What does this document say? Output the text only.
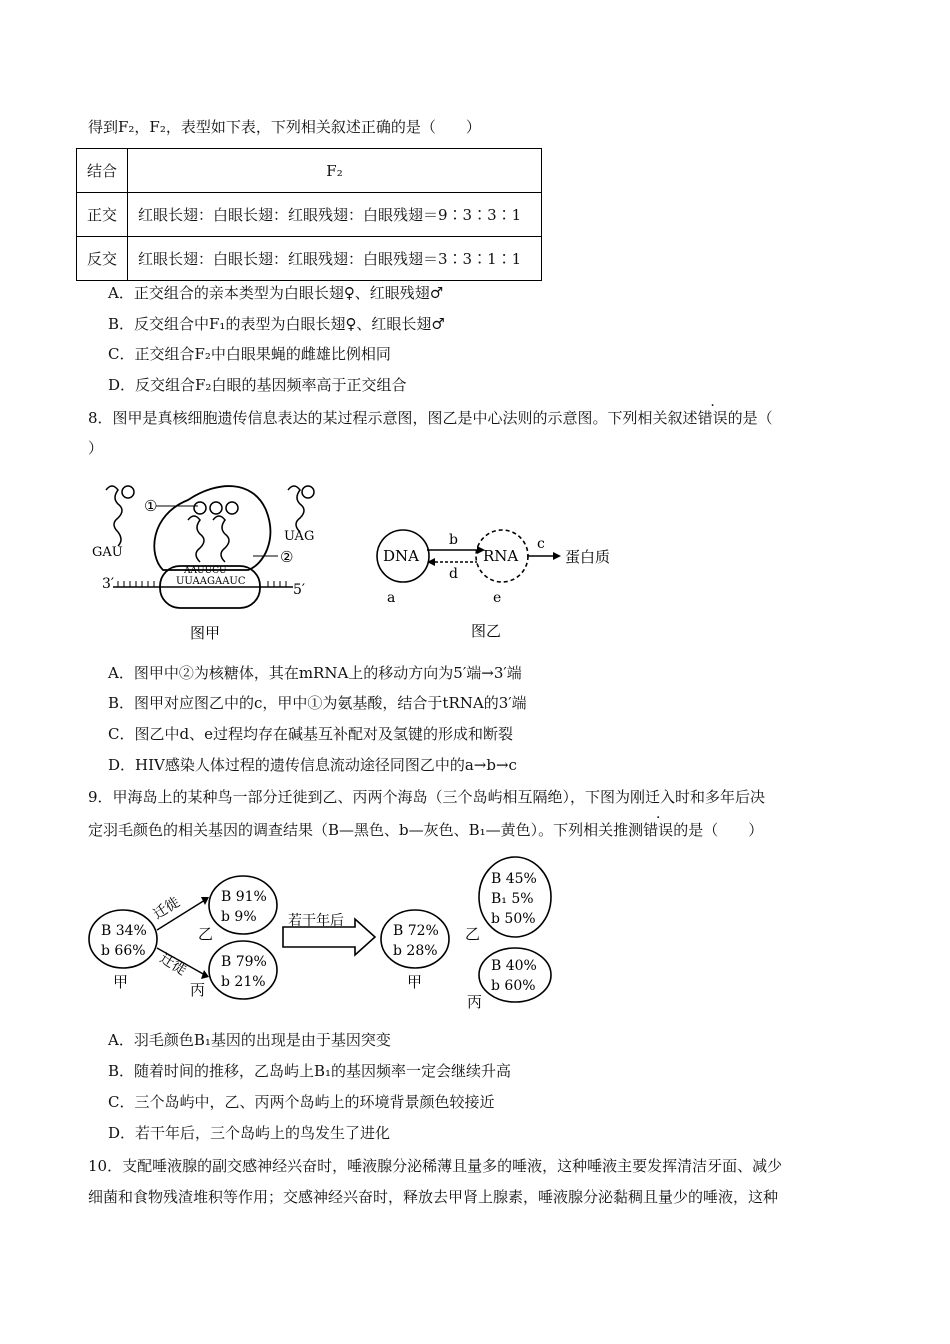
得到F₂，F₂，表型如下表，下列相关叙述正确的是（　　）
结合	F₂
正交	红眼长翅：白眼长翅：红眼残翅：白眼残翅＝9∶3∶3∶1
反交	红眼长翅：白眼长翅：红眼残翅：白眼残翅＝3∶3∶1∶1
A．正交组合的亲本类型为白眼长翅♀、红眼残翅♂
B．反交组合中F₁的表型为白眼长翅♀、红眼长翅♂
C．正交组合F₂中白眼果蝇的雌雄比例相同
D．反交组合F₂白眼的基因频率高于正交组合
8．图甲是真核细胞遗传信息表达的某过程示意图，图乙是中心法则的示意图。下列相关叙述错误的是（
）
①
②
GAU
UAG
AAUUCU
UUAAGAAUC
3′	5′
图甲
DNA	RNA	蛋白质
b
d
c
a	e
图乙
A．图甲中②为核糖体，其在mRNA上的移动方向为5′端→3′端
B．图甲对应图乙中的c，甲中①为氨基酸，结合于tRNA的3′端
C．图乙中d、e过程均存在碱基互补配对及氢键的形成和断裂
D．HIV感染人体过程的遗传信息流动途径同图乙中的a→b→c
9．甲海岛上的某种鸟一部分迁徙到乙、丙两个海岛（三个岛屿相互隔绝），下图为刚迁入时和多年后决
定羽毛颜色的相关基因的调查结果（B—黑色、b—灰色、B₁—黄色）。下列相关推测错误的是（　　）
迁徙
迁徙
B 34%
b 66%
B 91%
b 9%
B 79%
b 21%
若干年后
B 72%
b 28%
B 45%
B₁ 5%
b 50%
B 40%
b 60%
甲
乙
丙	甲
乙
丙
A．羽毛颜色B₁基因的出现是由于基因突变
B．随着时间的推移，乙岛屿上B₁的基因频率一定会继续升高
C．三个岛屿中，乙、丙两个岛屿上的环境背景颜色较接近
D．若干年后，三个岛屿上的鸟发生了进化
10．支配唾液腺的副交感神经兴奋时，唾液腺分泌稀薄且量多的唾液，这种唾液主要发挥清洁牙面、减少
细菌和食物残渣堆积等作用；交感神经兴奋时，释放去甲肾上腺素，唾液腺分泌黏稠且量少的唾液，这种
